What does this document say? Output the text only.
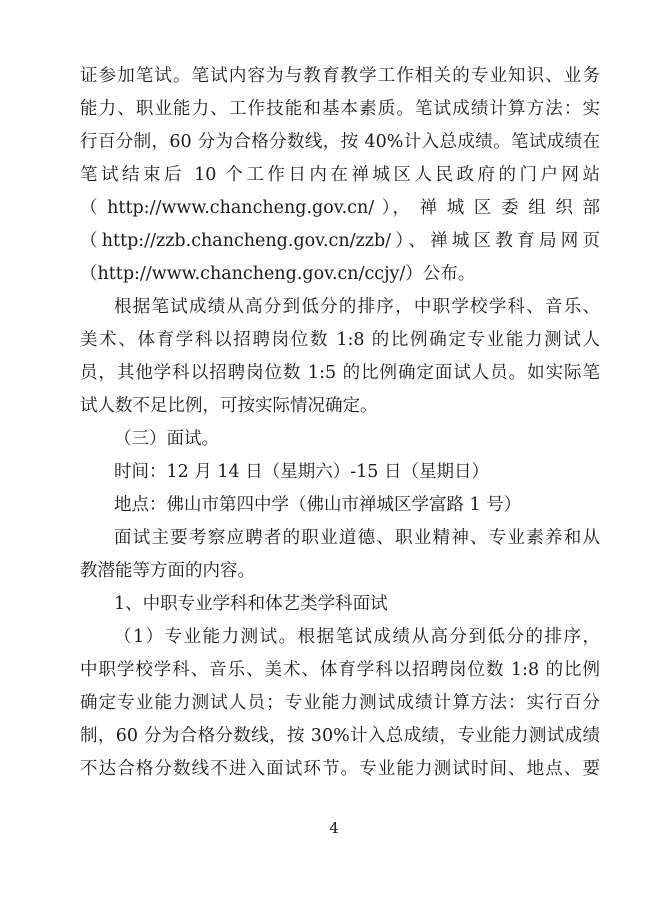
证参加笔试。笔试内容为与教育教学工作相关的专业知识、业务
能力、职业能力、工作技能和基本素质。笔试成绩计算方法：实
行百分制，60 分为合格分数线，按 40%计入总成绩。笔试成绩在
笔试结束后 10 个工作日内在禅城区人民政府的门户网站
（ http://www.chancheng.gov.cn/ ）， 禅 城 区 委 组 织 部
（http://zzb.chancheng.gov.cn/zzb/）、禅城区教育局网页
（http://www.chancheng.gov.cn/ccjy/）公布。
根据笔试成绩从高分到低分的排序，中职学校学科、音乐、
美术、体育学科以招聘岗位数 1:8 的比例确定专业能力测试人
员，其他学科以招聘岗位数 1:5 的比例确定面试人员。如实际笔
试人数不足比例，可按实际情况确定。
（三）面试。
时间：12 月 14 日（星期六）-15 日（星期日）
地点：佛山市第四中学（佛山市禅城区学富路 1 号）
面试主要考察应聘者的职业道德、职业精神、专业素养和从
教潜能等方面的内容。
1、中职专业学科和体艺类学科面试
（1）专业能力测试。根据笔试成绩从高分到低分的排序，
中职学校学科、音乐、美术、体育学科以招聘岗位数 1:8 的比例
确定专业能力测试人员；专业能力测试成绩计算方法：实行百分
制，60 分为合格分数线，按 30%计入总成绩，专业能力测试成绩
不达合格分数线不进入面试环节。专业能力测试时间、地点、要
4
